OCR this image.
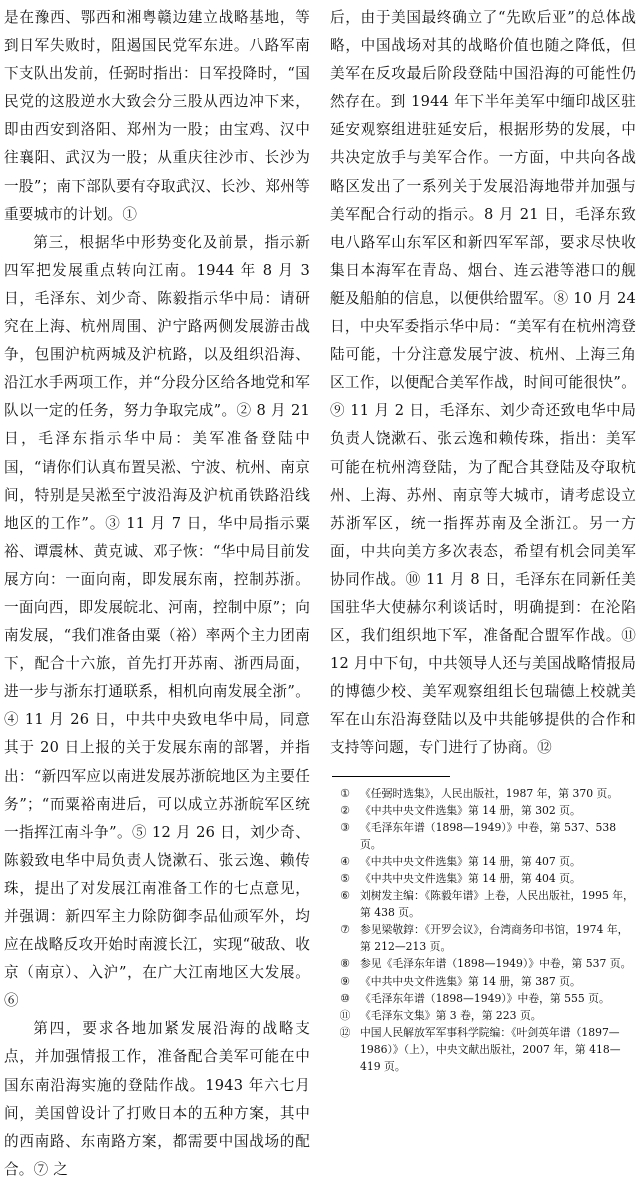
是在豫西、鄂西和湘粤赣边建立战略基地，等到日军失败时，阻遏国民党军东进。八路军南下支队出发前，任弼时指出：日军投降时，“国民党的这股逆水大致会分三股从西边冲下来，即由西安到洛阳、郑州为一股；由宝鸡、汉中往襄阳、武汉为一股；从重庆往沙市、长沙为一股”；南下部队要有夺取武汉、长沙、郑州等重要城市的计划。①

第三，根据华中形势变化及前景，指示新四军把发展重点转向江南。1944 年 8 月 3 日，毛泽东、刘少奇、陈毅指示华中局：请研究在上海、杭州周围、沪宁路两侧发展游击战争，包围沪杭两城及沪杭路，以及组织沿海、沿江水手两项工作，并“分段分区给各地党和军队以一定的任务，努力争取完成”。② 8 月 21 日，毛泽东指示华中局：美军准备登陆中国，“请你们认真布置吴淞、宁波、杭州、南京间，特别是吴淞至宁波沿海及沪杭甬铁路沿线地区的工作”。③ 11 月 7 日，华中局指示粟裕、谭震林、黄克诚、邓子恢：“华中局目前发展方向：一面向南，即发展东南，控制苏浙。一面向西，即发展皖北、河南，控制中原”；向南发展，“我们准备由粟（裕）率两个主力团南下，配合十六旅，首先打开苏南、浙西局面，进一步与浙东打通联系，相机向南发展全浙”。④ 11 月 26 日，中共中央致电华中局，同意其于 20 日上报的关于发展东南的部署，并指出：“新四军应以南进发展苏浙皖地区为主要任务”；“而粟裕南进后，可以成立苏浙皖军区统一指挥江南斗争”。⑤ 12 月 26 日，刘少奇、陈毅致电华中局负责人饶漱石、张云逸、赖传珠，提出了对发展江南准备工作的七点意见，并强调：新四军主力除防御李品仙顽军外，均应在战略反攻开始时南渡长江，实现“破敌、收京（南京）、入沪”，在广大江南地区大发展。⑥

第四，要求各地加紧发展沿海的战略支点，并加强情报工作，准备配合美军可能在中国东南沿海实施的登陆作战。1943 年六七月间，美国曾设计了打败日本的五种方案，其中的西南路、东南路方案，都需要中国战场的配合。⑦ 之

后，由于美国最终确立了“先欧后亚”的总体战略，中国战场对其的战略价值也随之降低，但美军在反攻最后阶段登陆中国沿海的可能性仍然存在。到 1944 年下半年美军中缅印战区驻延安观察组进驻延安后，根据形势的发展，中共决定放手与美军合作。一方面，中共向各战略区发出了一系列关于发展沿海地带并加强与美军配合行动的指示。8 月 21 日，毛泽东致电八路军山东军区和新四军军部，要求尽快收集日本海军在青岛、烟台、连云港等港口的舰艇及船舶的信息，以便供给盟军。⑧ 10 月 24 日，中央军委指示华中局：“美军有在杭州湾登陆可能，十分注意发展宁波、杭州、上海三角区工作，以便配合美军作战，时间可能很快”。⑨ 11 月 2 日，毛泽东、刘少奇还致电华中局负责人饶漱石、张云逸和赖传珠，指出：美军可能在杭州湾登陆，为了配合其登陆及夺取杭州、上海、苏州、南京等大城市，请考虑设立苏浙军区，统一指挥苏南及全浙江。另一方面，中共向美方多次表态，希望有机会同美军协同作战。⑩ 11 月 8 日，毛泽东在同新任美国驻华大使赫尔利谈话时，明确提到：在沦陷区，我们组织地下军，准备配合盟军作战。⑪ 12 月中下旬，中共领导人还与美国战略情报局的博德少校、美军观察组组长包瑞德上校就美军在山东沿海登陆以及中共能够提供的合作和支持等问题，专门进行了协商。⑫

① 《任弼时选集》，人民出版社，1987 年，第 370 页。
② 《中共中央文件选集》第 14 册，第 302 页。
③ 《毛泽东年谱（1898—1949）》中卷，第 537、538 页。
④ 《中共中央文件选集》第 14 册，第 407 页。
⑤ 《中共中央文件选集》第 14 册，第 404 页。
⑥ 刘树发主编：《陈毅年谱》上卷，人民出版社，1995 年，第 438 页。
⑦ 参见梁敬錞：《开罗会议》，台湾商务印书馆，1974 年，第 212—213 页。
⑧ 参见《毛泽东年谱（1898—1949）》中卷，第 537 页。
⑨ 《中共中央文件选集》第 14 册，第 387 页。
⑩ 《毛泽东年谱（1898—1949）》中卷，第 555 页。
⑪ 《毛泽东文集》第 3 卷，第 223 页。
⑫ 中国人民解放军军事科学院编：《叶剑英年谱（1897—1986）》（上），中央文献出版社，2007 年，第 418—419 页。
